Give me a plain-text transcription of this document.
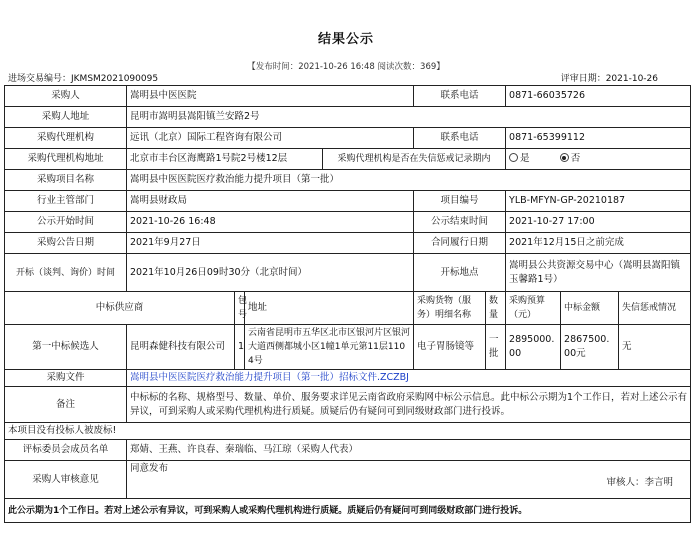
结果公示
【发布时间：2021-10-26 16:48 阅读次数：369】
进场交易编号：JKMSM2021090095	评审日期：2021-10-26
采购人	嵩明县中医医院				联系电话		0871-66035726		
采购人地址	昆明市嵩明县嵩阳镇兰安路2号								
采购代理机构	远讯（北京）国际工程咨询有限公司				联系电话		0871-65399112		
采购代理机构地址	北京市丰台区海鹰路1号院2号楼12层			采购代理机构是否在失信惩戒记录期内			是 否		
采购项目名称	嵩明县中医医院医疗救治能力提升项目（第一批）								
行业主管部门	嵩明县财政局				项目编号		YLB-MFYN-GP-20210187		
公示开始时间	2021-10-26 16:48				公示结束时间		2021-10-27 17:00		
采购公告日期	2021年9月27日				合同履行日期		2021年12月15日之前完成		
开标（谈判、询价）时间	2021年10月26日09时30分（北京时间）				开标地点		嵩明县公共资源交易中心（嵩明县嵩阳镇玉馨路1号）		
中标供应商		包号	地址		采购货物（服务）明细名称	数量	采购预算（元）	中标金额	失信惩戒情况
第一中标候选人	昆明森健科技有限公司	1	云南省昆明市五华区北市区银河片区银河大道西侧都城小区1幢1单元第11层1104号		电子胃肠镜等	一批	2895000.00	2867500.00元	无
采购文件	嵩明县中医医院医疗救治能力提升项目（第一批）招标文件.ZCZBJ								
备注	中标标的名称、规格型号、数量、单价、服务要求详见云南省政府采购网中标公示信息。此中标公示期为1个工作日，若对上述公示有异议，可到采购人或采购代理机构进行质疑。质疑后仍有疑问可到同级财政部门进行投诉。								
本项目没有投标人被废标!									
评标委员会成员名单	郑婧、王燕、许良春、秦瑞临、马江琼（采购人代表）								
采购人审核意见	同意发布
审核人：李言明								

此公示期为1个工作日。若对上述公示有异议，可到采购人或采购代理机构进行质疑。质疑后仍有疑问可到同级财政部门进行投诉。									
